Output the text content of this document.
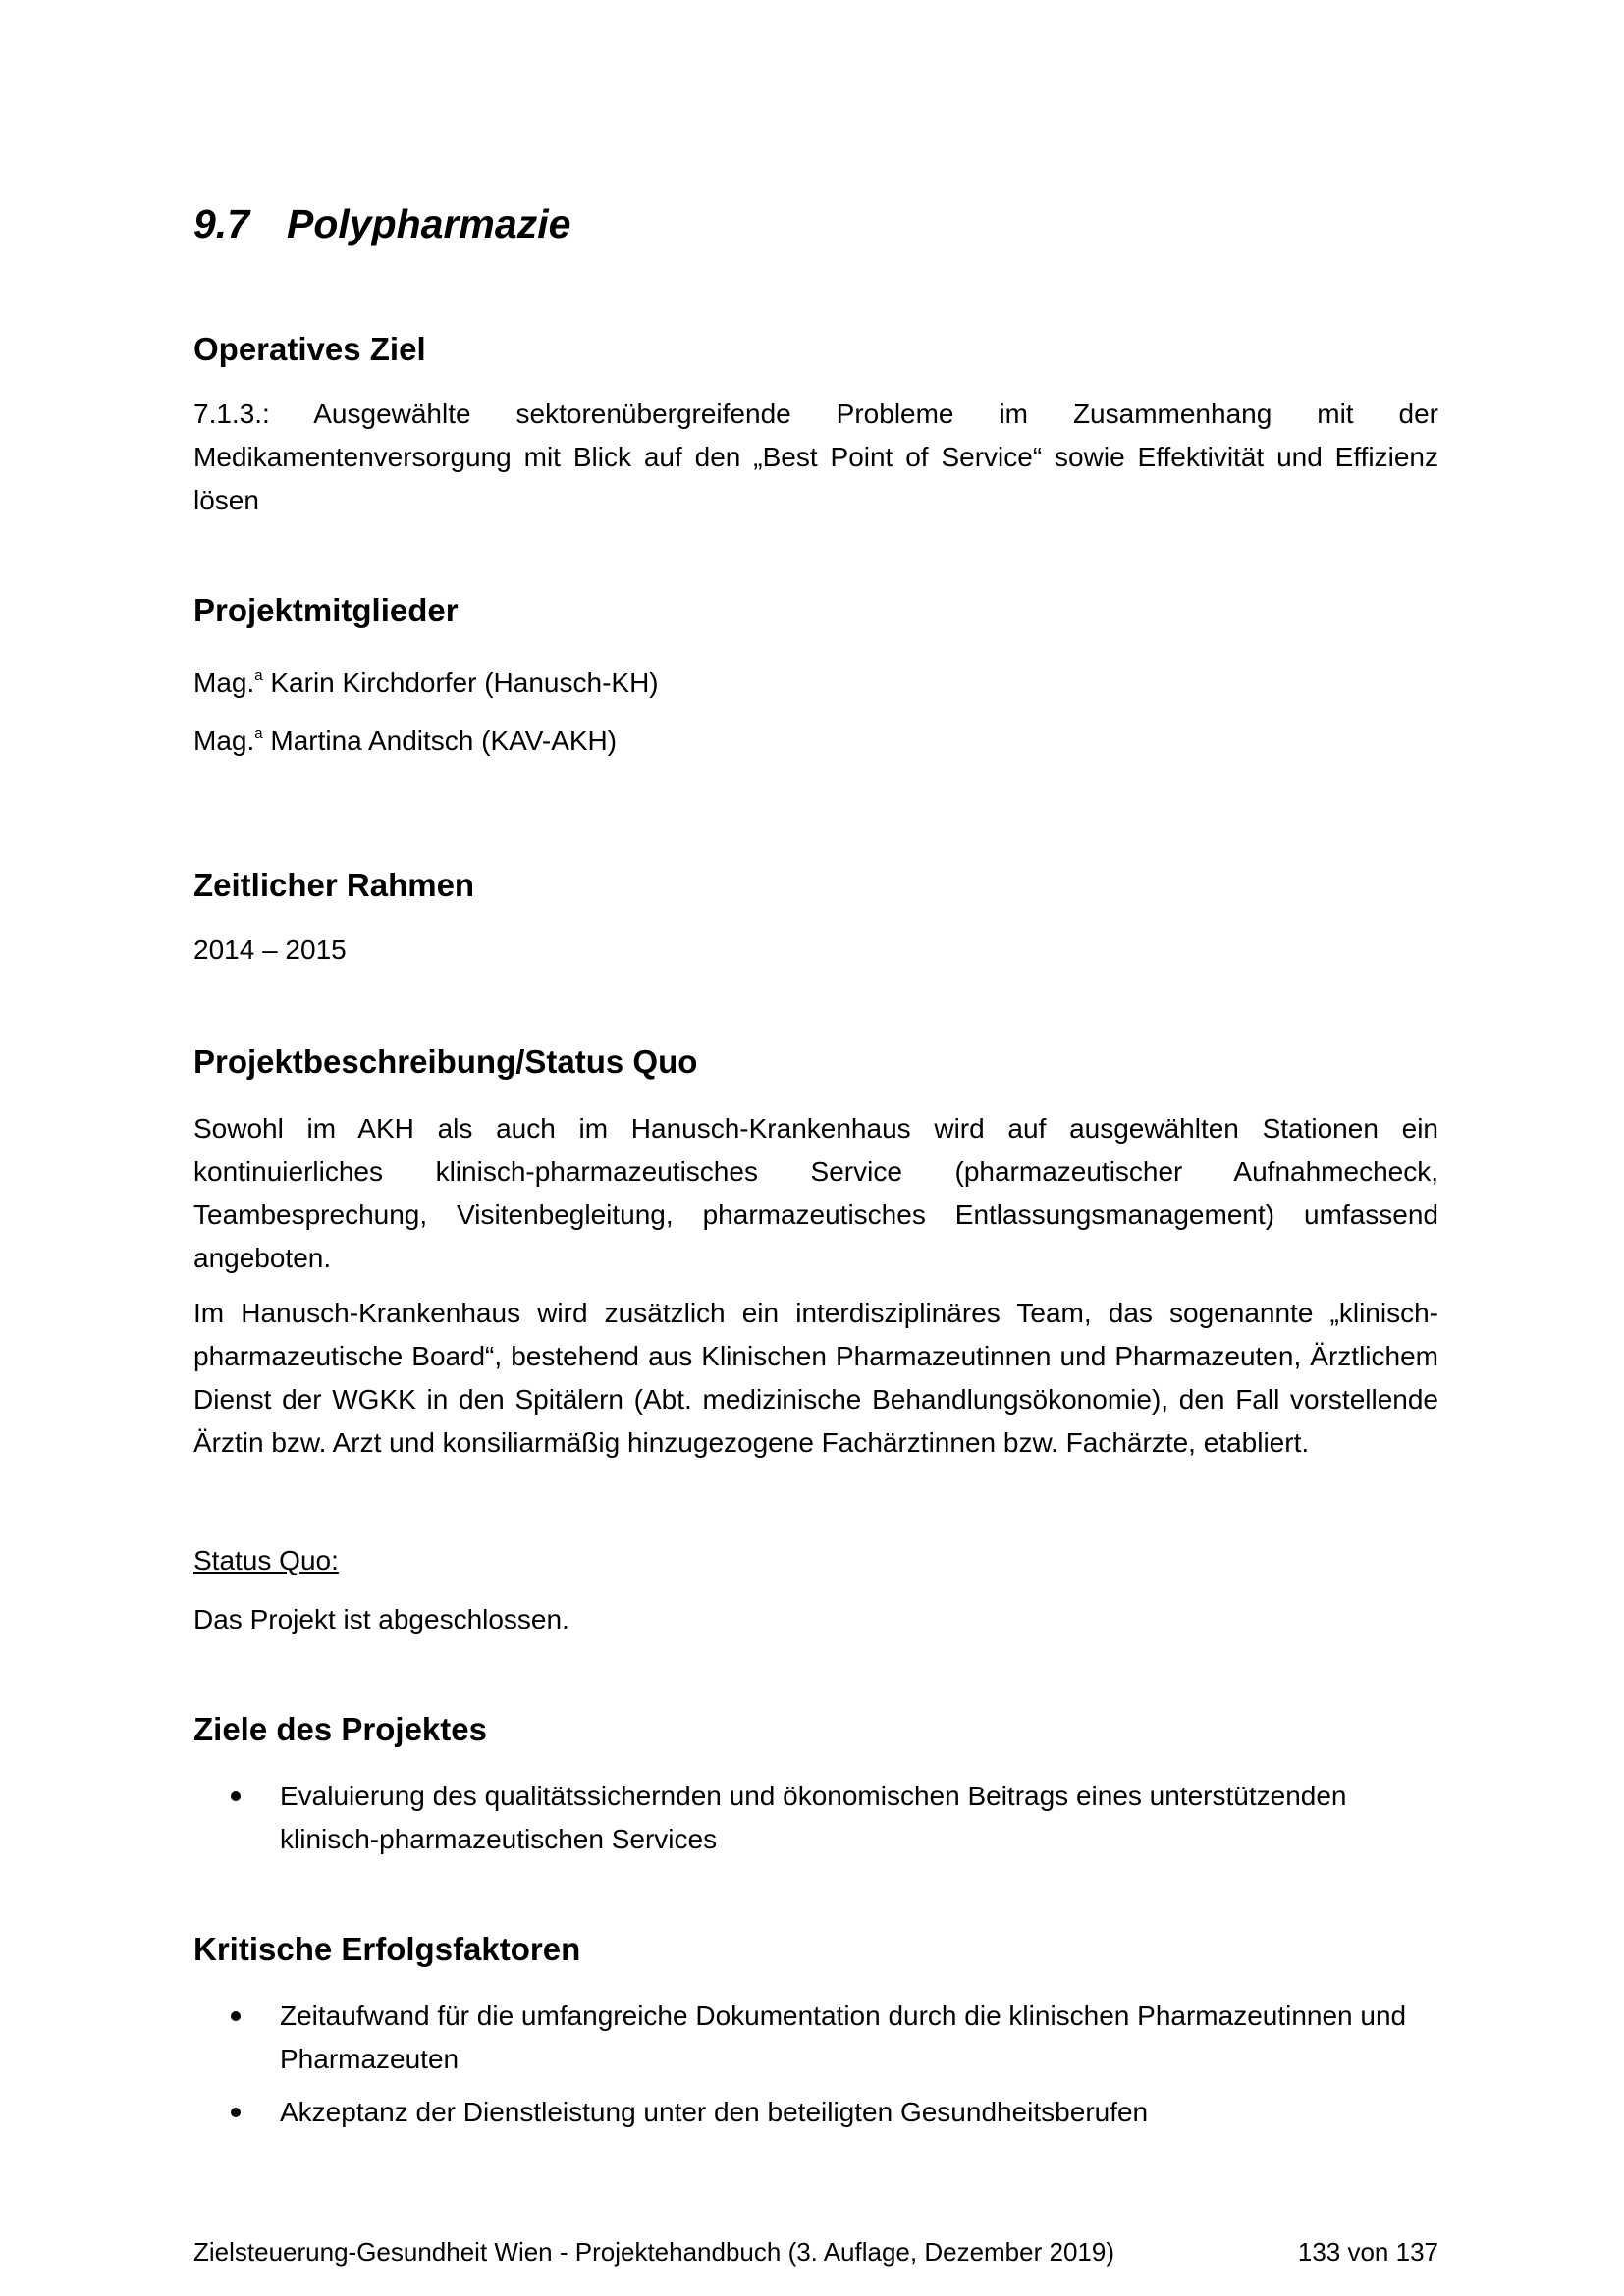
9.7 Polypharmazie
Operatives Ziel

7.1.3.: Ausgewählte sektorenübergreifende Probleme im Zusammenhang mit der Medikamentenversorgung mit Blick auf den „Best Point of Service“ sowie Effektivität und Effizienz lösen

Projektmitglieder

Mag.$^a$ Karin Kirchdorfer (Hanusch-KH)

Mag.$^a$ Martina Anditsch (KAV-AKH)

Zeitlicher Rahmen

2014 – 2015

Projektbeschreibung/Status Quo

Sowohl im AKH als auch im Hanusch-Krankenhaus wird auf ausgewählten Stationen ein kontinuierliches klinisch-pharmazeutisches Service (pharmazeutischer Aufnahmecheck, Teambesprechung, Visitenbegleitung, pharmazeutisches Entlassungsmanagement) umfassend angeboten.

Im Hanusch-Krankenhaus wird zusätzlich ein interdisziplinäres Team, das sogenannte „klinisch-pharmazeutische Board“, bestehend aus Klinischen Pharmazeutinnen und Pharmazeuten, Ärztlichem Dienst der WGKK in den Spitälern (Abt. medizinische Behandlungsökonomie), den Fall vorstellende Ärztin bzw. Arzt und konsiliarmäßig hinzugezogene Fachärztinnen bzw. Fachärzte, etabliert.

Status Quo:

Das Projekt ist abgeschlossen.

Ziele des Projektes
Evaluierung des qualitätssichernden und ökonomischen Beitrags eines unterstützenden klinisch-pharmazeutischen Services
Kritische Erfolgsfaktoren
Zeitaufwand für die umfangreiche Dokumentation durch die klinischen Pharmazeutinnen und Pharmazeuten
Akzeptanz der Dienstleistung unter den beteiligten Gesundheitsberufen
Zielsteuerung-Gesundheit Wien - Projektehandbuch (3. Auflage, Dezember 2019)	133 von 137
